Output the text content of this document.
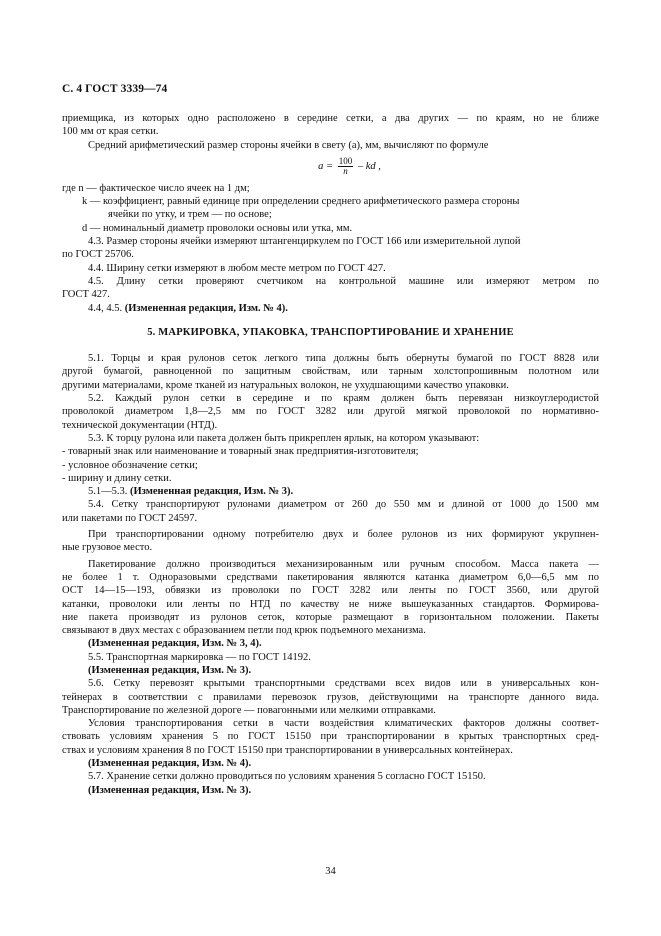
С. 4 ГОСТ 3339—74

приемщика, из которых одно расположено в середине сетки, а два других — по краям, но не ближе

100 мм от края сетки.

Средний арифметический размер стороны ячейки в свету (а), мм, вычисляют по формуле

$a = \frac{100}{n}$ – kd ,

где n — фактическое число ячеек на 1 дм;

k — коэффициент, равный единице при определении среднего арифметического размера стороны

ячейки по утку, и трем — по основе;

d — номинальный диаметр проволоки основы или утка, мм.

4.3. Размер стороны ячейки измеряют штангенциркулем по ГОСТ 166 или измерительной лупой

по ГОСТ 25706.

4.4. Ширину сетки измеряют в любом месте метром по ГОСТ 427.

4.5. Длину сетки проверяют счетчиком на контрольной машине или измеряют метром по

ГОСТ 427.

4.4, 4.5. (Измененная редакция, Изм. № 4).

5. МАРКИРОВКА, УПАКОВКА, ТРАНСПОРТИРОВАНИЕ И ХРАНЕНИЕ

5.1. Торцы и края рулонов сеток легкого типа должны быть обернуты бумагой по ГОСТ 8828 или

другой бумагой, равноценной по защитным свойствам, или тарным холстопрошивным полотном или

другими материалами, кроме тканей из натуральных волокон, не ухудшающими качество упаковки.

5.2. Каждый рулон сетки в середине и по краям должен быть перевязан низкоуглеродистой

проволокой диаметром 1,8—2,5 мм по ГОСТ 3282 или другой мягкой проволокой по нормативно-

технической документации (НТД).

5.3. К торцу рулона или пакета должен быть прикреплен ярлык, на котором указывают:

- товарный знак или наименование и товарный знак предприятия-изготовителя;

- условное обозначение сетки;

- ширину и длину сетки.

5.1—5.3. (Измененная редакция, Изм. № 3).

5.4. Сетку транспортируют рулонами диаметром от 260 до 550 мм и длиной от 1000 до 1500 мм

или пакетами по ГОСТ 24597.

При транспортировании одному потребителю двух и более рулонов из них формируют укрупнен-

ные грузовое место.

Пакетирование должно производиться механизированным или ручным способом. Масса пакета —

не более 1 т. Одноразовыми средствами пакетирования являются катанка диаметром 6,0—6,5 мм по

ОСТ 14—15—193, обвязки из проволоки по ГОСТ 3282 или ленты по ГОСТ 3560, или другой

катанки, проволоки или ленты по НТД по качеству не ниже вышеуказанных стандартов. Формирова-

ние пакета производят из рулонов сеток, которые размещают в горизонтальном положении. Пакеты

связывают в двух местах с образованием петли под крюк подъемного механизма.

(Измененная редакция, Изм. № 3, 4).

5.5. Транспортная маркировка — по ГОСТ 14192.

(Измененная редакция, Изм. № 3).

5.6. Сетку перевозят крытыми транспортными средствами всех видов или в универсальных кон-

тейнерах в соответствии с правилами перевозок грузов, действующими на транспорте данного вида.

Транспортирование по железной дороге — повагонными или мелкими отправками.

Условия транспортирования сетки в части воздействия климатических факторов должны соответ-

ствовать условиям хранения 5 по ГОСТ 15150 при транспортировании в крытых транспортных сред-

ствах и условиям хранения 8 по ГОСТ 15150 при транспортировании в универсальных контейнерах.

(Измененная редакция, Изм. № 4).

5.7. Хранение сетки должно проводиться по условиям хранения 5 согласно ГОСТ 15150.

(Измененная редакция, Изм. № 3).

34
